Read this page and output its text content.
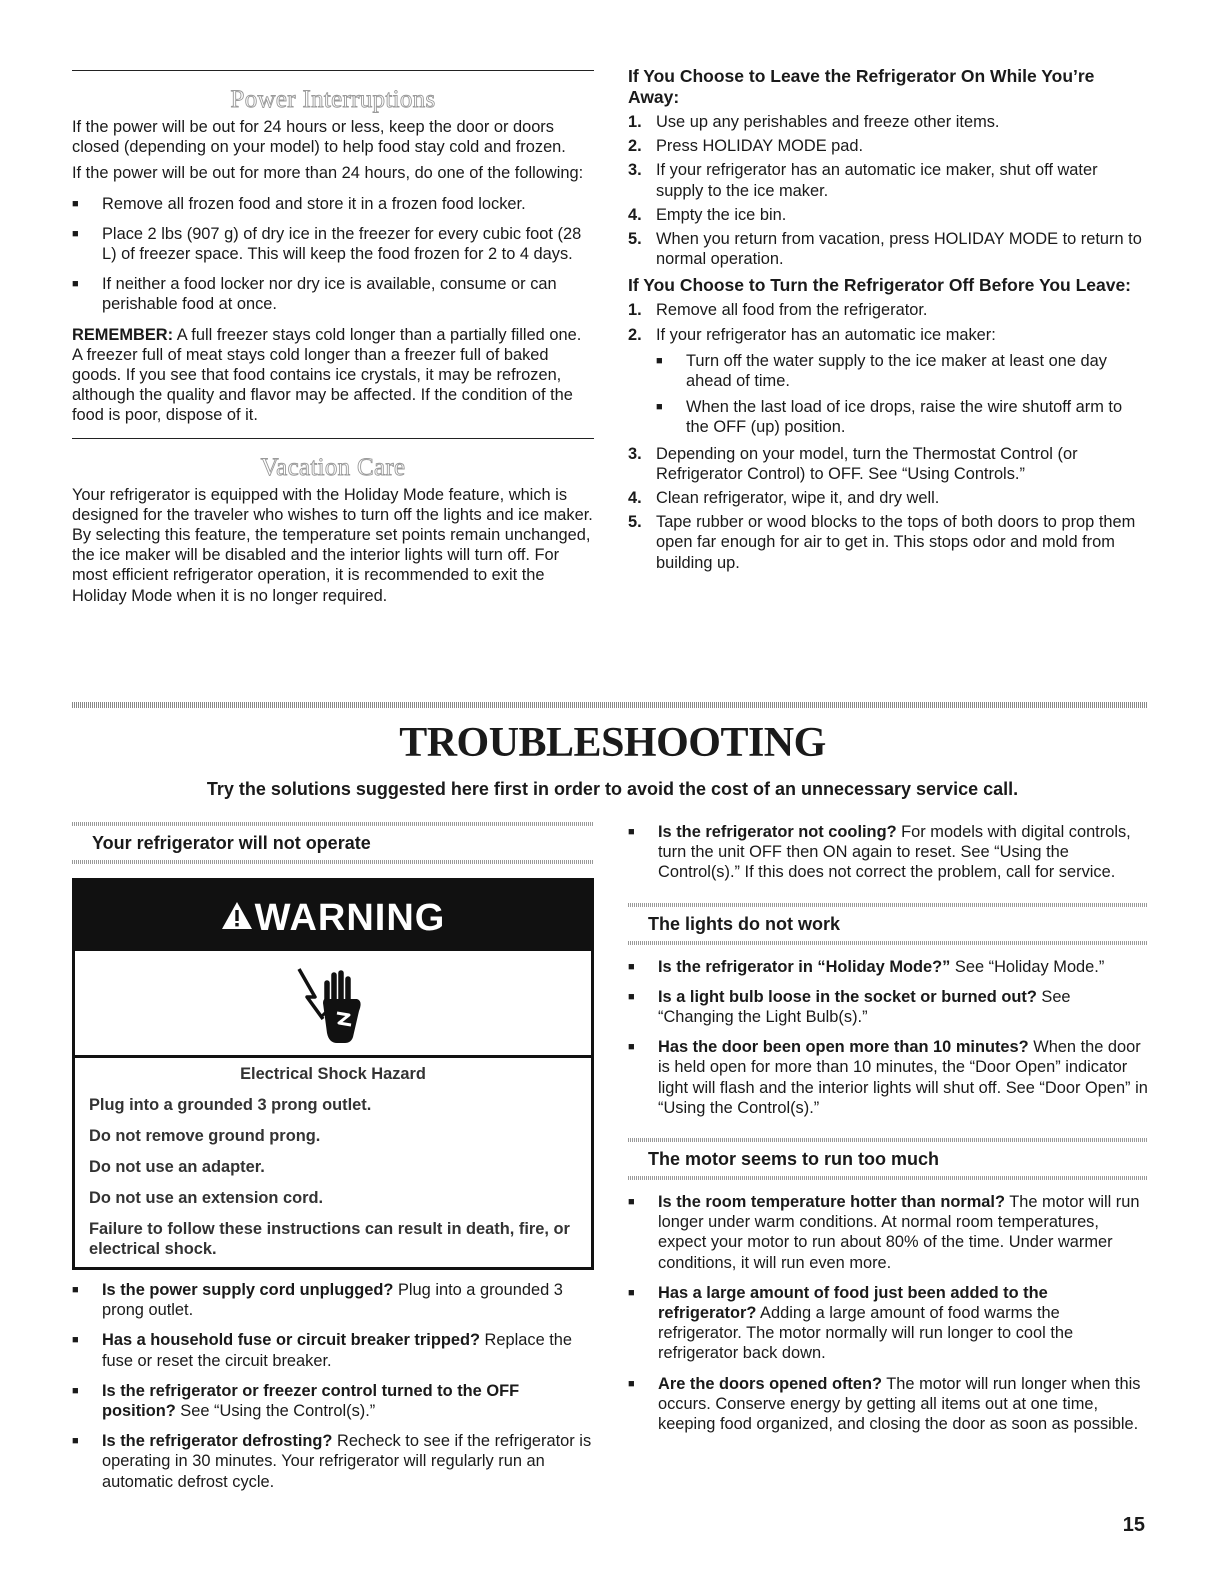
Power Interruptions

If the power will be out for 24 hours or less, keep the door or doors closed (depending on your model) to help food stay cold and frozen.

If the power will be out for more than 24 hours, do one of the following:

■ Remove all frozen food and store it in a frozen food locker.
■ Place 2 lbs (907 g) of dry ice in the freezer for every cubic foot (28 L) of freezer space. This will keep the food frozen for 2 to 4 days.
■ If neither a food locker nor dry ice is available, consume or can perishable food at once.

REMEMBER: A full freezer stays cold longer than a partially filled one. A freezer full of meat stays cold longer than a freezer full of baked goods. If you see that food contains ice crystals, it may be refrozen, although the quality and flavor may be affected. If the condition of the food is poor, dispose of it.

Vacation Care

Your refrigerator is equipped with the Holiday Mode feature, which is designed for the traveler who wishes to turn off the lights and ice maker. By selecting this feature, the temperature set points remain unchanged, the ice maker will be disabled and the interior lights will turn off. For most efficient refrigerator operation, it is recommended to exit the Holiday Mode when it is no longer required.

If You Choose to Leave the Refrigerator On While You’re Away:
1. Use up any perishables and freeze other items.
2. Press HOLIDAY MODE pad.
3. If your refrigerator has an automatic ice maker, shut off water supply to the ice maker.
4. Empty the ice bin.
5. When you return from vacation, press HOLIDAY MODE to return to normal operation.
If You Choose to Turn the Refrigerator Off Before You Leave:
1. Remove all food from the refrigerator.
2. If your refrigerator has an automatic ice maker:
■ Turn off the water supply to the ice maker at least one day ahead of time.
■ When the last load of ice drops, raise the wire shutoff arm to the OFF (up) position.
3. Depending on your model, turn the Thermostat Control (or Refrigerator Control) to OFF. See “Using Controls.”
4. Clean refrigerator, wipe it, and dry well.
5. Tape rubber or wood blocks to the tops of both doors to prop them open far enough for air to get in. This stops odor and mold from building up.
TROUBLESHOOTING
Try the solutions suggested here first in order to avoid the cost of an unnecessary service call.
Your refrigerator will not operate
WARNING

Electrical Shock Hazard

Plug into a grounded 3 prong outlet.

Do not remove ground prong.

Do not use an adapter.

Do not use an extension cord.

Failure to follow these instructions can result in death, fire, or electrical shock.

■ Is the power supply cord unplugged? Plug into a grounded 3 prong outlet.
■ Has a household fuse or circuit breaker tripped? Replace the fuse or reset the circuit breaker.
■ Is the refrigerator or freezer control turned to the OFF position? See “Using the Control(s).”
■ Is the refrigerator defrosting? Recheck to see if the refrigerator is operating in 30 minutes. Your refrigerator will regularly run an automatic defrost cycle.
■ Is the refrigerator not cooling? For models with digital controls, turn the unit OFF then ON again to reset. See “Using the Control(s).” If this does not correct the problem, call for service.
The lights do not work
■ Is the refrigerator in “Holiday Mode?” See “Holiday Mode.”
■ Is a light bulb loose in the socket or burned out? See “Changing the Light Bulb(s).”
■ Has the door been open more than 10 minutes? When the door is held open for more than 10 minutes, the “Door Open” indicator light will flash and the interior lights will shut off. See “Door Open” in “Using the Control(s).”
The motor seems to run too much
■ Is the room temperature hotter than normal? The motor will run longer under warm conditions. At normal room temperatures, expect your motor to run about 80% of the time. Under warmer conditions, it will run even more.
■ Has a large amount of food just been added to the refrigerator? Adding a large amount of food warms the refrigerator. The motor normally will run longer to cool the refrigerator back down.
■ Are the doors opened often? The motor will run longer when this occurs. Conserve energy by getting all items out at one time, keeping food organized, and closing the door as soon as possible.
15
